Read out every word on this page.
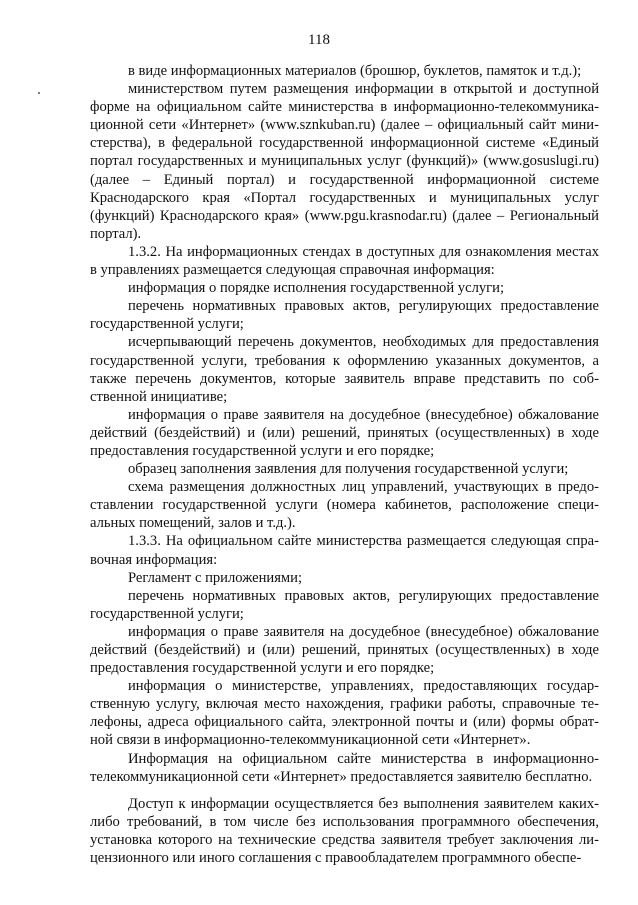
118

в виде информационных материалов (брошюр, буклетов, памяток и т.д.);

министерством путем размещения информации в открытой и доступной форме на официальном сайте министерства в информационно-телекоммуникационной сети «Интернет» (www.sznkuban.ru) (далее – официальный сайт министерства), в федеральной государственной информационной системе «Единый портал государственных и муниципальных услуг (функций)» (www.gosuslugi.ru) (далее – Единый портал) и государственной информационной системе Краснодарского края «Портал государственных и муниципальных услуг (функций) Краснодарского края» (www.pgu.krasnodar.ru) (далее – Региональный портал).

1.3.2. На информационных стендах в доступных для ознакомления местах в управлениях размещается следующая справочная информация:

информация о порядке исполнения государственной услуги;

перечень нормативных правовых актов, регулирующих предоставление государственной услуги;

исчерпывающий перечень документов, необходимых для предоставления государственной услуги, требования к оформлению указанных документов, а также перечень документов, которые заявитель вправе представить по собственной инициативе;

информация о праве заявителя на досудебное (внесудебное) обжалование действий (бездействий) и (или) решений, принятых (осуществленных) в ходе предоставления государственной услуги и его порядке;

образец заполнения заявления для получения государственной услуги;

схема размещения должностных лиц управлений, участвующих в предоставлении государственной услуги (номера кабинетов, расположение специальных помещений, залов и т.д.).

1.3.3. На официальном сайте министерства размещается следующая справочная информация:

Регламент с приложениями;

перечень нормативных правовых актов, регулирующих предоставление государственной услуги;

информация о праве заявителя на досудебное (внесудебное) обжалование действий (бездействий) и (или) решений, принятых (осуществленных) в ходе предоставления государственной услуги и его порядке;

информация о министерстве, управлениях, предоставляющих государственную услугу, включая место нахождения, графики работы, справочные телефоны, адреса официального сайта, электронной почты и (или) формы обратной связи в информационно-телекоммуникационной сети «Интернет».

Информация на официальном сайте министерства в информационно-телекоммуникационной сети «Интернет» предоставляется заявителю бесплатно.

Доступ к информации осуществляется без выполнения заявителем каких-либо требований, в том числе без использования программного обеспечения, установка которого на технические средства заявителя требует заключения лицензионного или иного соглашения с правообладателем программного обеспе-
